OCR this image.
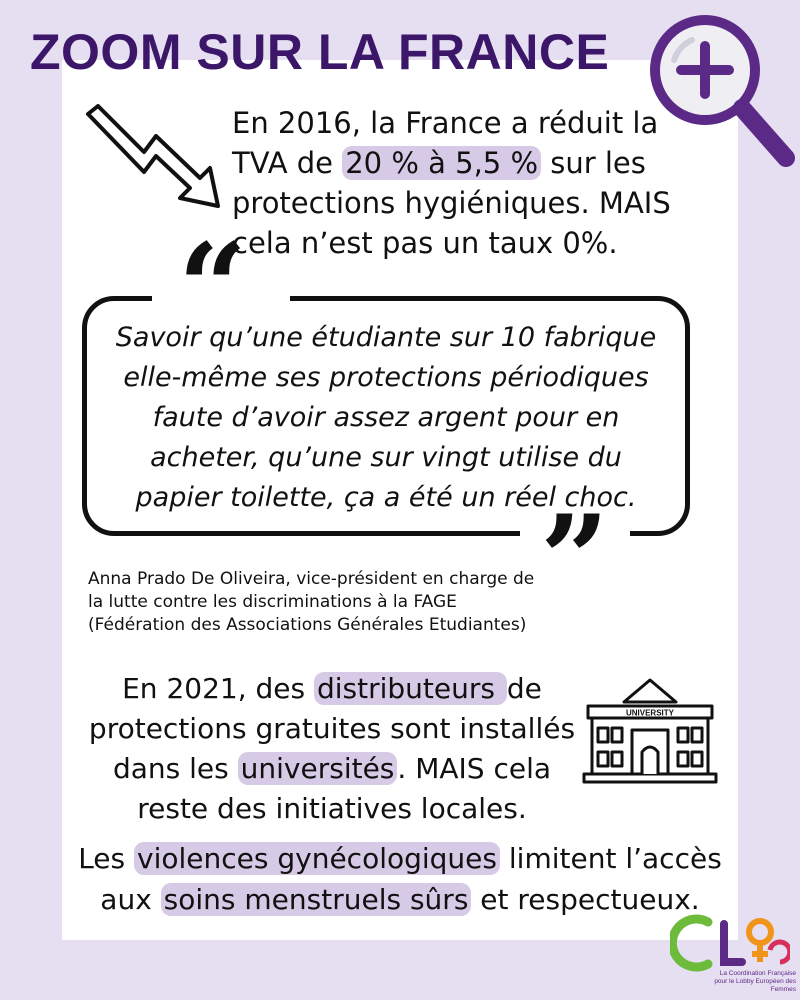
ZOOM SUR LA FRANCE
En 2016, la France a réduit la
TVA de 20 % à 5,5 % sur les
protections hygiéniques. MAIS
cela n’est pas un taux 0%.
“
”
Savoir qu’une étudiante sur 10 fabrique
elle-même ses protections périodiques
faute d’avoir assez argent pour en
acheter, qu’une sur vingt utilise du
papier toilette, ça a été un réel choc.
Anna Prado De Oliveira, vice-président en charge de
la lutte contre les discriminations à la FAGE
(Fédération des Associations Générales Etudiantes)
En 2021, des distributeurs de
protections gratuites sont installés
dans les universités . MAIS cela
reste des initiatives locales.
UNIVERSITY
Les violences gynécologiques limitent l’accès
aux soins menstruels sûrs et respectueux.
La Coordination Française
pour le Lobby Européen des Femmes
